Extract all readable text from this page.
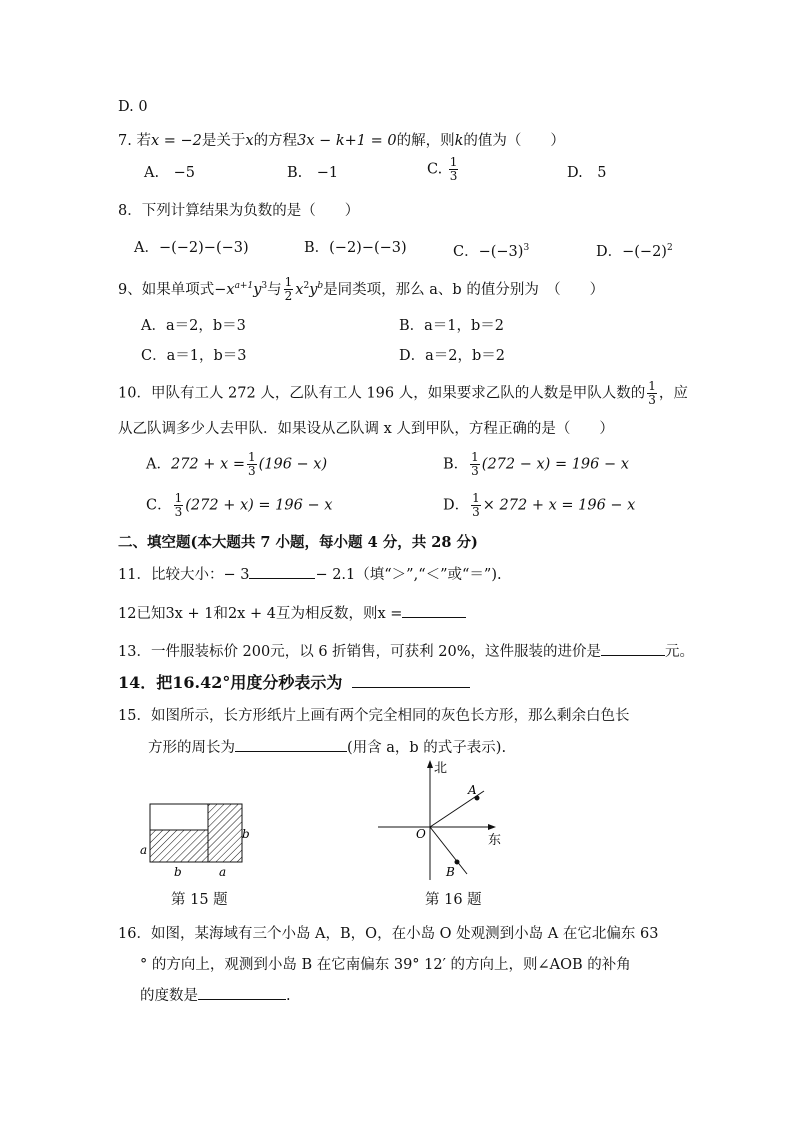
D. 0
7. 若x = −2是关于x的方程3x − k+1 = 0的解，则k的值为（　　）
A.　−5	B.　−1	C. $\frac{1}{3}$	D.　5
8．下列计算结果为负数的是（　　）
A．−(−2)−(−3)	B．(−2)−(−3)	C．$-(-3)^3$	D．$-(-2)^2$
9、如果单项式$-x^{a+1}y^3$与 $\frac{1}{2} x^2y^b$是同类项，那么 a、b 的值分别为　（　　）
A．a＝2，b＝3	B．a＝1，b＝2
C．a＝1，b＝3	D．a＝2，b＝2
10．甲队有工人 272 人，乙队有工人 196 人，如果要求乙队的人数是甲队人数的 $\frac{1}{3}$ ，应
从乙队调多少人去甲队．如果设从乙队调 x 人到甲队，方程正确的是（　　）
A．$272 + x = \frac{1}{3} (196 - x)$	B． $\frac{1}{3} (272 - x) = 196 - x$
C． $\frac{1}{3} (272 + x) = 196 - x$	D． $\frac{1}{3} \times 272 + x = 196 - x$
二、填空题(本大题共 7 小题，每小题 4 分，共 28 分)
11．比较大小：− 3	− 2.1（填“＞”,“＜”或“＝”).
12已知3x + 1和2x + 4互为相反数，则x =
13．一件服装标价 200元，以 6 折销售，可获利 20%，这件服装的进价是	元。
14．把16.42°用度分秒表示为
15．如图所示，长方形纸片上画有两个完全相同的灰色长方形，那么剩余白色长
方形的周长为	(用含 a，b 的式子表示).
b
a
b	a
第 15 题
北
东
O
A
B
第 16 题
16．如图，某海域有三个小岛 A，B，O，在小岛 O 处观测到小岛 A 在它北偏东 63
° 的方向上，观测到小岛 B 在它南偏东 39° 12′ 的方向上，则∠AOB 的补角
的度数是	.
